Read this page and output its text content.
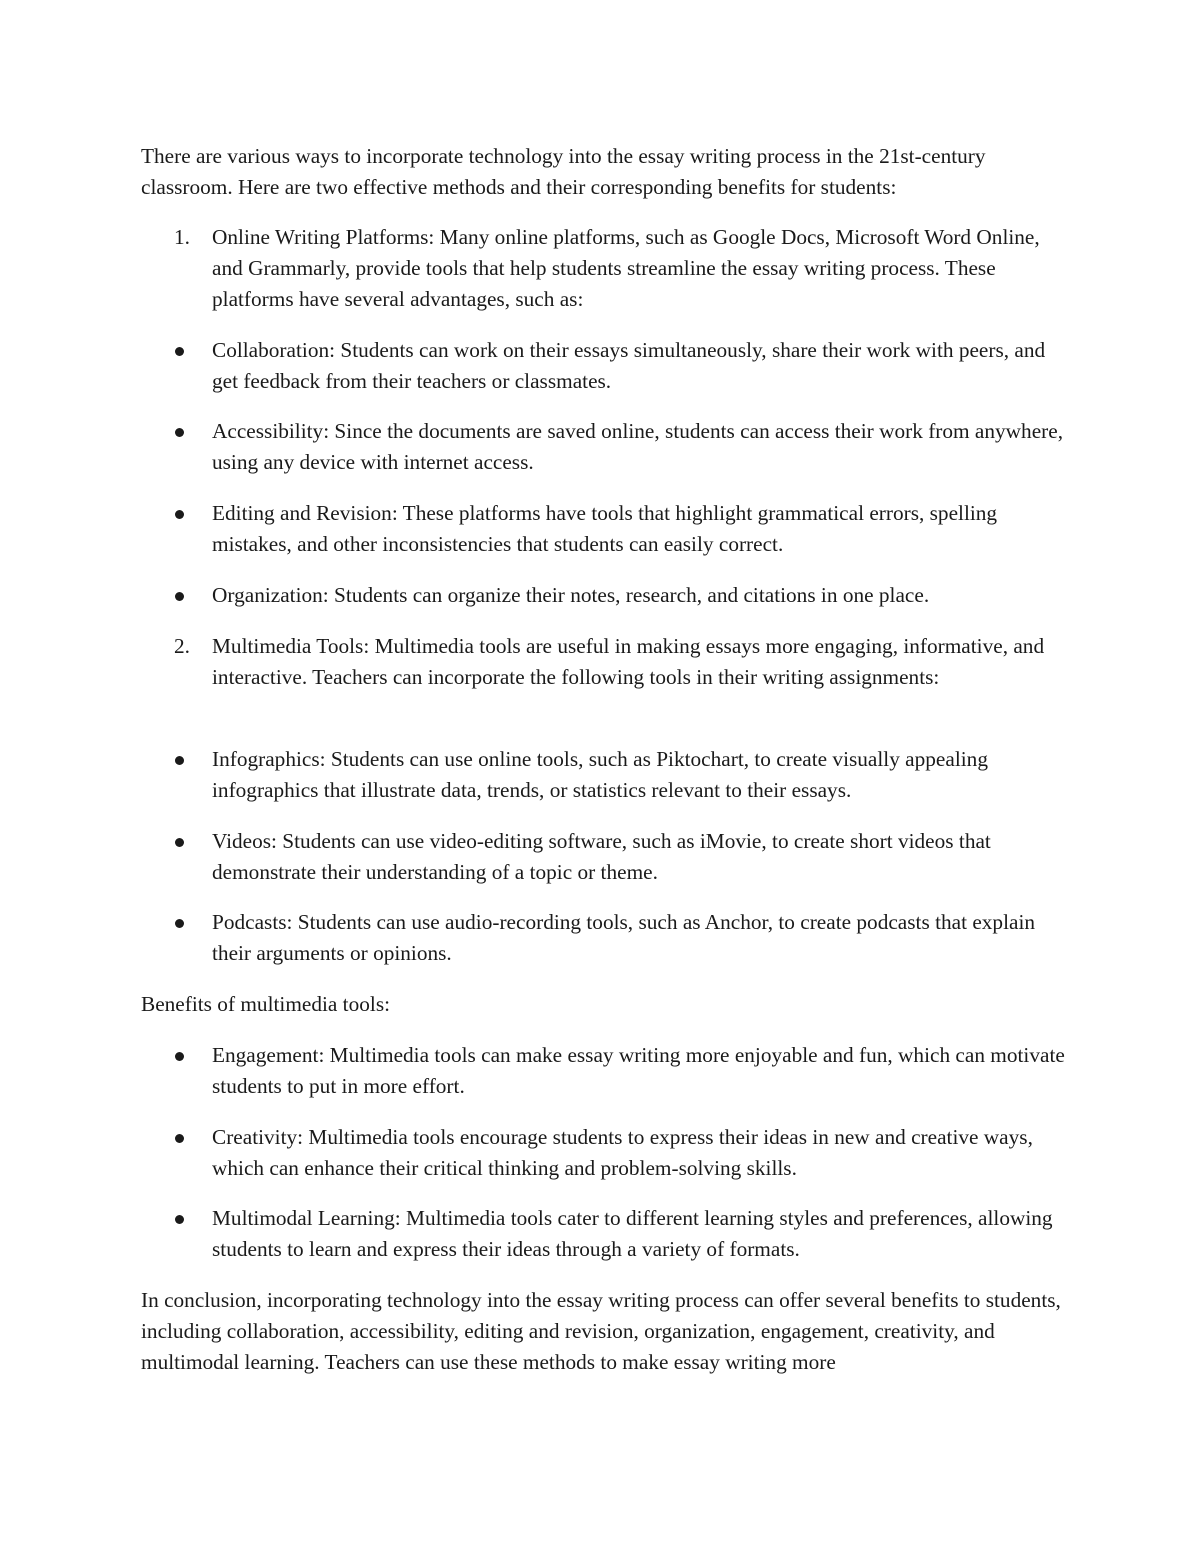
There are various ways to incorporate technology into the essay writing process in the 21st-century classroom. Here are two effective methods and their corresponding benefits for students:

1.	Online Writing Platforms: Many online platforms, such as Google Docs, Microsoft Word Online, and Grammarly, provide tools that help students streamline the essay writing process. These platforms have several advantages, such as:
Collaboration: Students can work on their essays simultaneously, share their work with peers, and get feedback from their teachers or classmates.
Accessibility: Since the documents are saved online, students can access their work from anywhere, using any device with internet access.
Editing and Revision: These platforms have tools that highlight grammatical errors, spelling mistakes, and other inconsistencies that students can easily correct.
Organization: Students can organize their notes, research, and citations in one place.
2.	Multimedia Tools: Multimedia tools are useful in making essays more engaging, informative, and interactive. Teachers can incorporate the following tools in their writing assignments:
Infographics: Students can use online tools, such as Piktochart, to create visually appealing infographics that illustrate data, trends, or statistics relevant to their essays.
Videos: Students can use video-editing software, such as iMovie, to create short videos that demonstrate their understanding of a topic or theme.
Podcasts: Students can use audio-recording tools, such as Anchor, to create podcasts that explain their arguments or opinions.

Benefits of multimedia tools:

Engagement: Multimedia tools can make essay writing more enjoyable and fun, which can motivate students to put in more effort.
Creativity: Multimedia tools encourage students to express their ideas in new and creative ways, which can enhance their critical thinking and problem-solving skills.
Multimodal Learning: Multimedia tools cater to different learning styles and preferences, allowing students to learn and express their ideas through a variety of formats.

In conclusion, incorporating technology into the essay writing process can offer several benefits to students, including collaboration, accessibility, editing and revision, organization, engagement, creativity, and multimodal learning. Teachers can use these methods to make essay writing more
